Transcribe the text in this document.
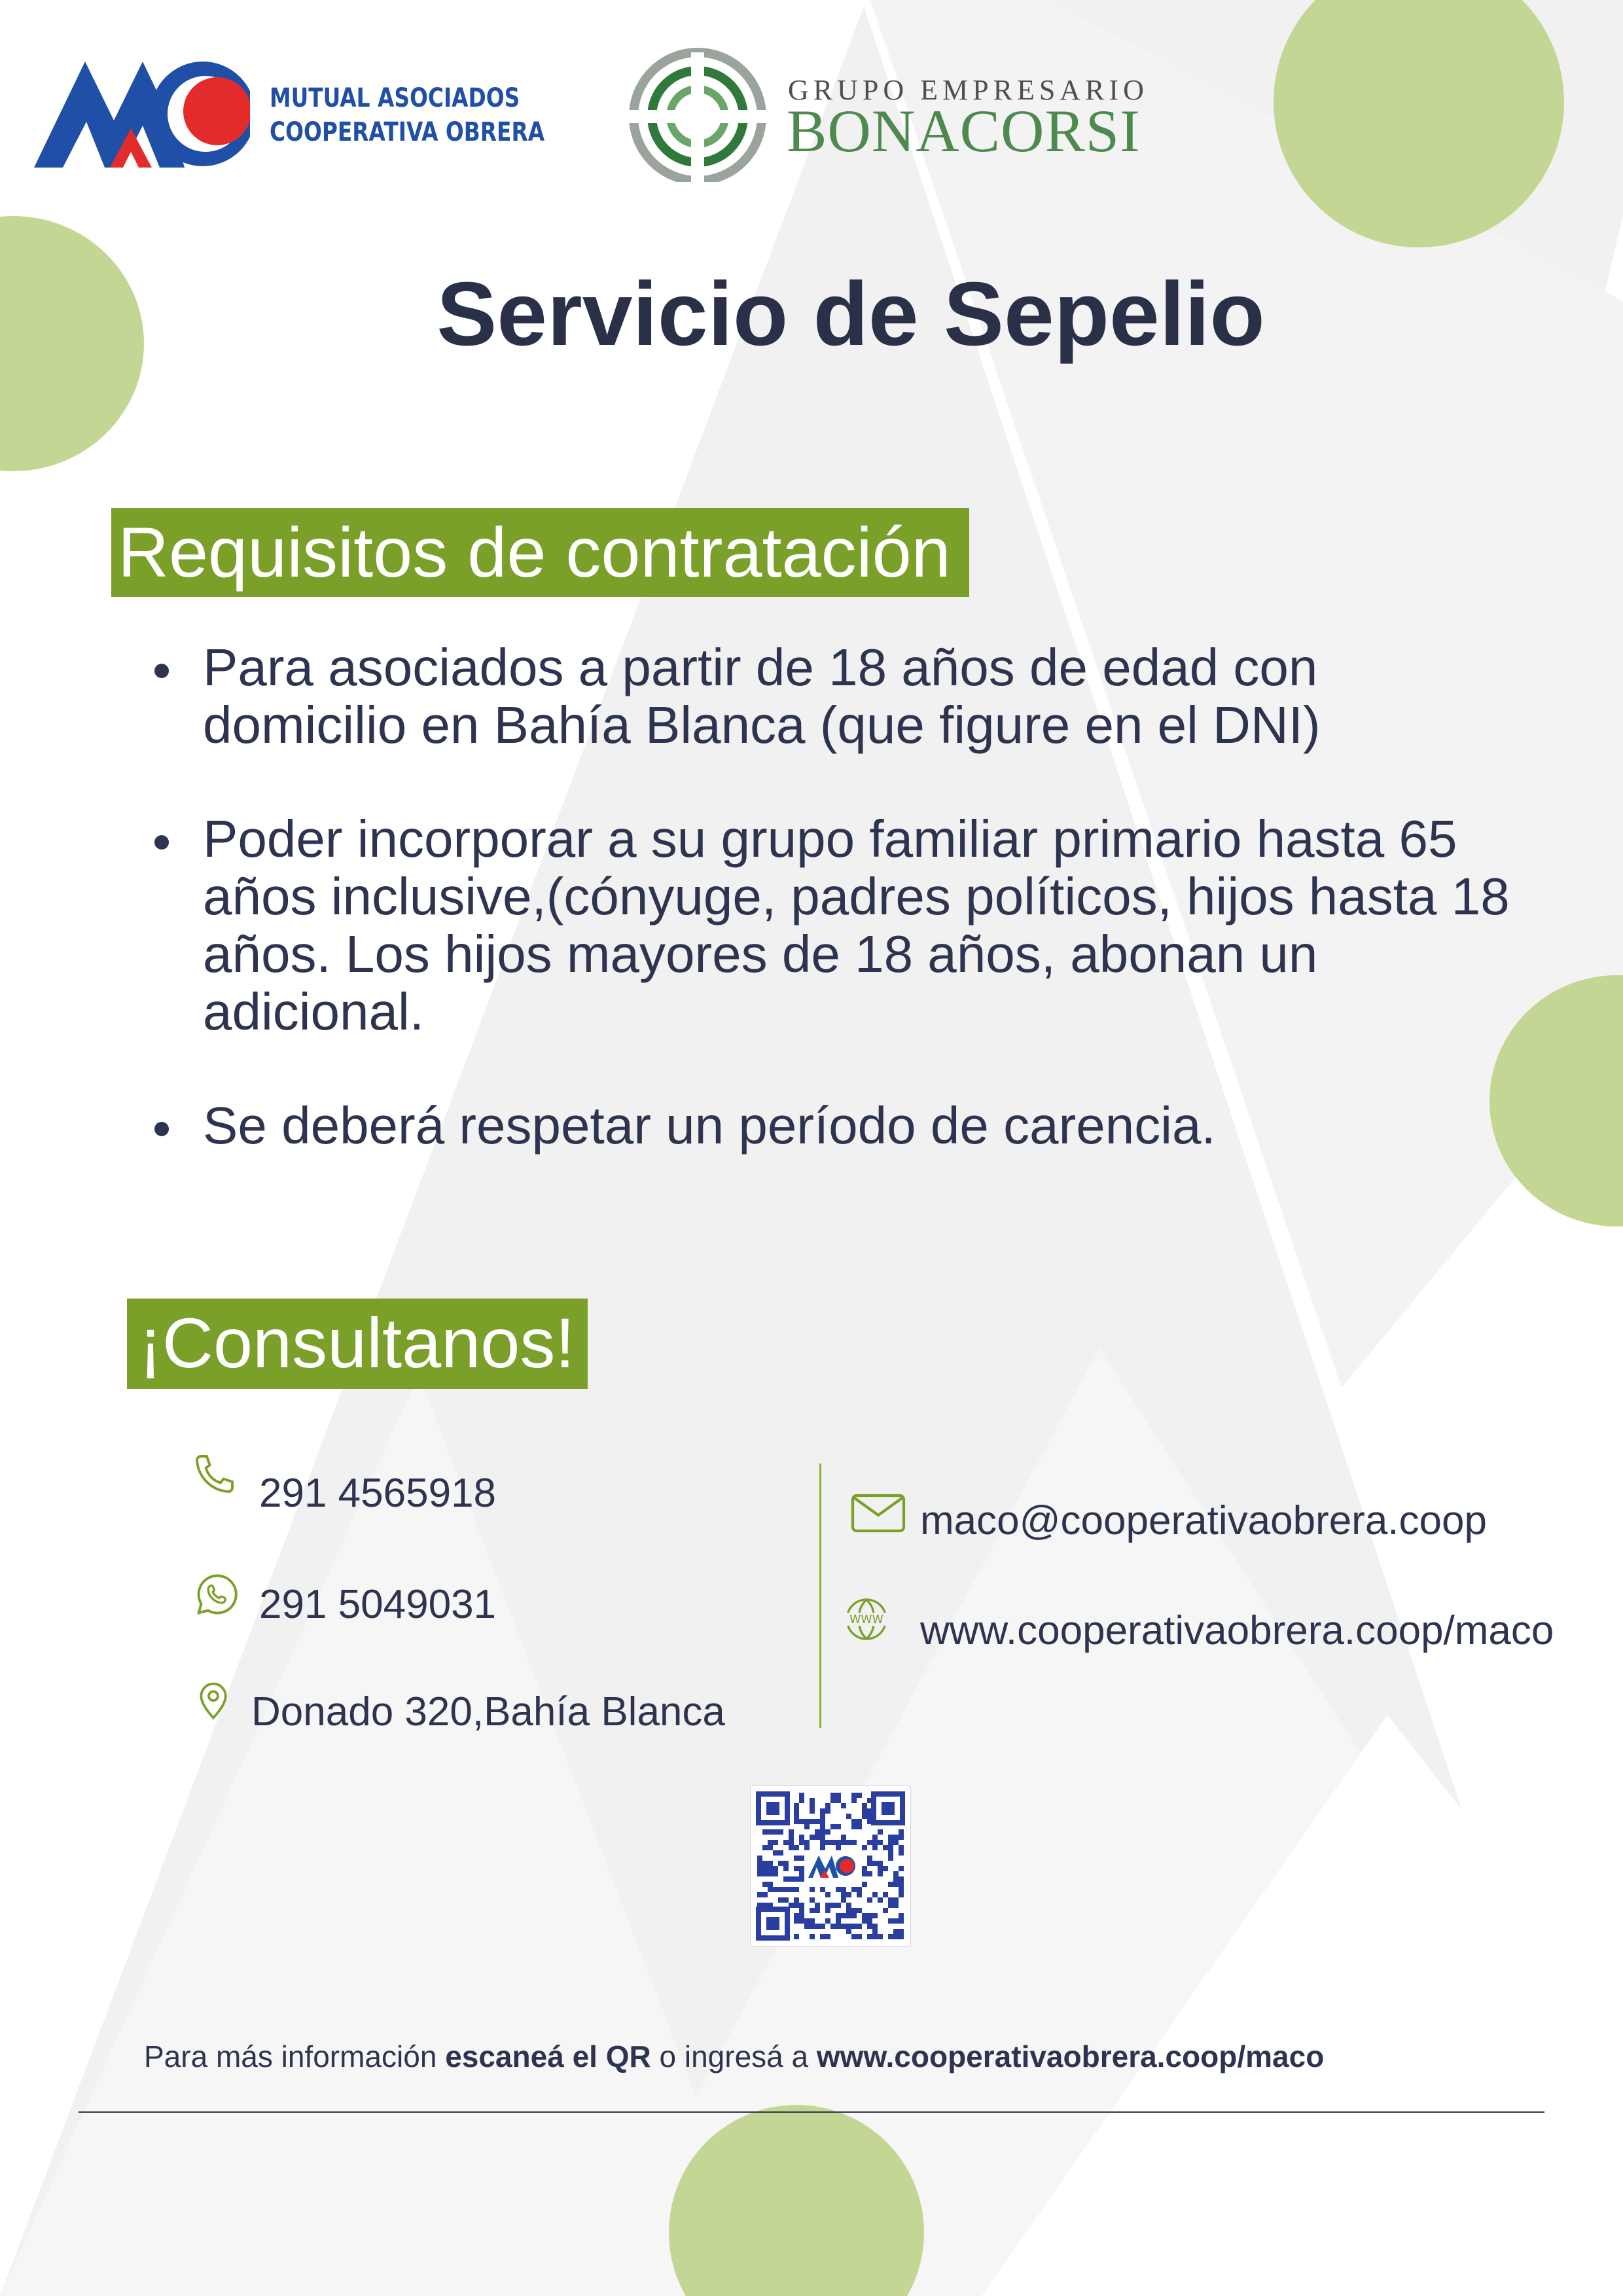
MUTUAL ASOCIADOS
COOPERATIVA OBRERA
GRUPO EMPRESARIO
BONACORSI
Servicio de Sepelio
Requisitos de contratación
Para asociados a partir de 18 años de edad con domicilio en Bahía Blanca (que figure en el DNI)
Poder incorporar a su grupo familiar primario hasta 65 años inclusive,(cónyuge, padres políticos, hijos hasta 18 años. Los hijos mayores de 18 años, abonan un adicional.
Se deberá respetar un período de carencia.
¡Consultanos!
291 4565918
291 5049031
Donado 320,Bahía Blanca
maco@cooperativaobrera.coop
WWW www.cooperativaobrera.coop/maco
Para más información escaneá el QR o ingresá a www.cooperativaobrera.coop/maco
